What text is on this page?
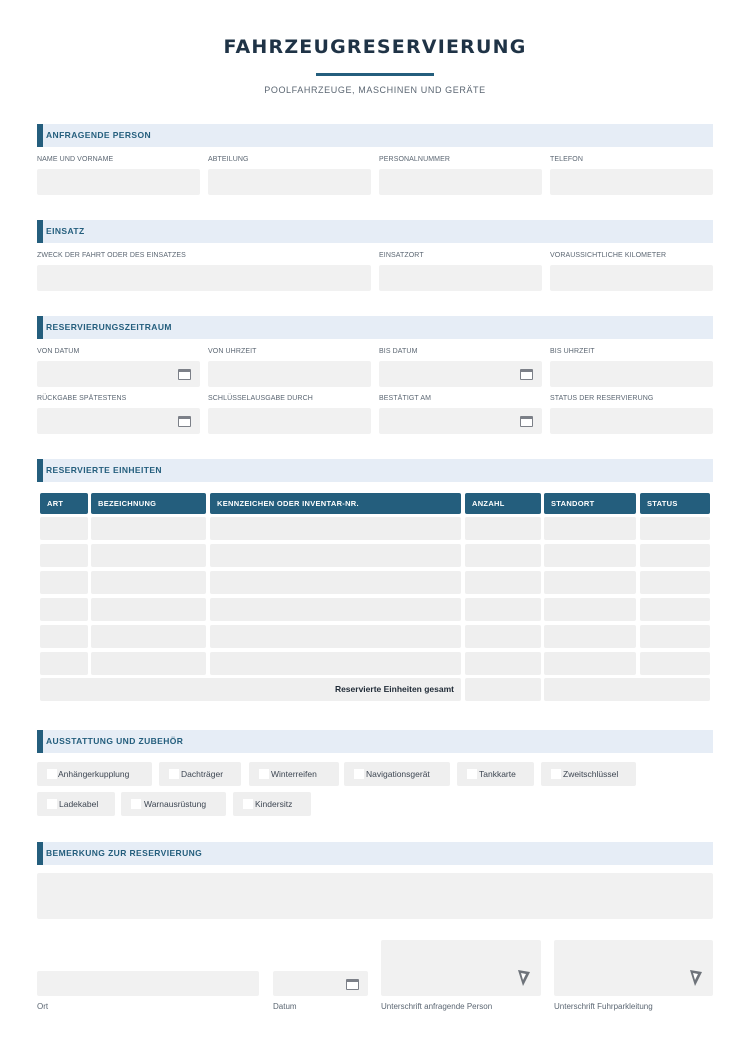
FAHRZEUGRESERVIERUNG
POOLFAHRZEUGE, MASCHINEN UND GERÄTE
ANFRAGENDE PERSON
NAME UND VORNAME	ABTEILUNG	PERSONALNUMMER	TELEFON
EINSATZ
ZWECK DER FAHRT ODER DES EINSATZES	EINSATZORT	VORAUSSICHTLICHE KILOMETER
RESERVIERUNGSZEITRAUM
VON DATUM	VON UHRZEIT	BIS DATUM	BIS UHRZEIT
RÜCKGABE SPÄTESTENS	SCHLÜSSELAUSGABE DURCH	BESTÄTIGT AM	STATUS DER RESERVIERUNG
RESERVIERTE EINHEITEN
ART	BEZEICHNUNG	KENNZEICHEN ODER INVENTAR-NR.	ANZAHL	STANDORT	STATUS
Reservierte Einheiten gesamt
AUSSTATTUNG UND ZUBEHÖR
Anhängerkupplung	Dachträger	Winterreifen	Navigationsgerät	Tankkarte	Zweitschlüssel
Ladekabel	Warnausrüstung	Kindersitz
BEMERKUNG ZUR RESERVIERUNG
Ort	Datum	Unterschrift anfragende Person	Unterschrift Fuhrparkleitung
